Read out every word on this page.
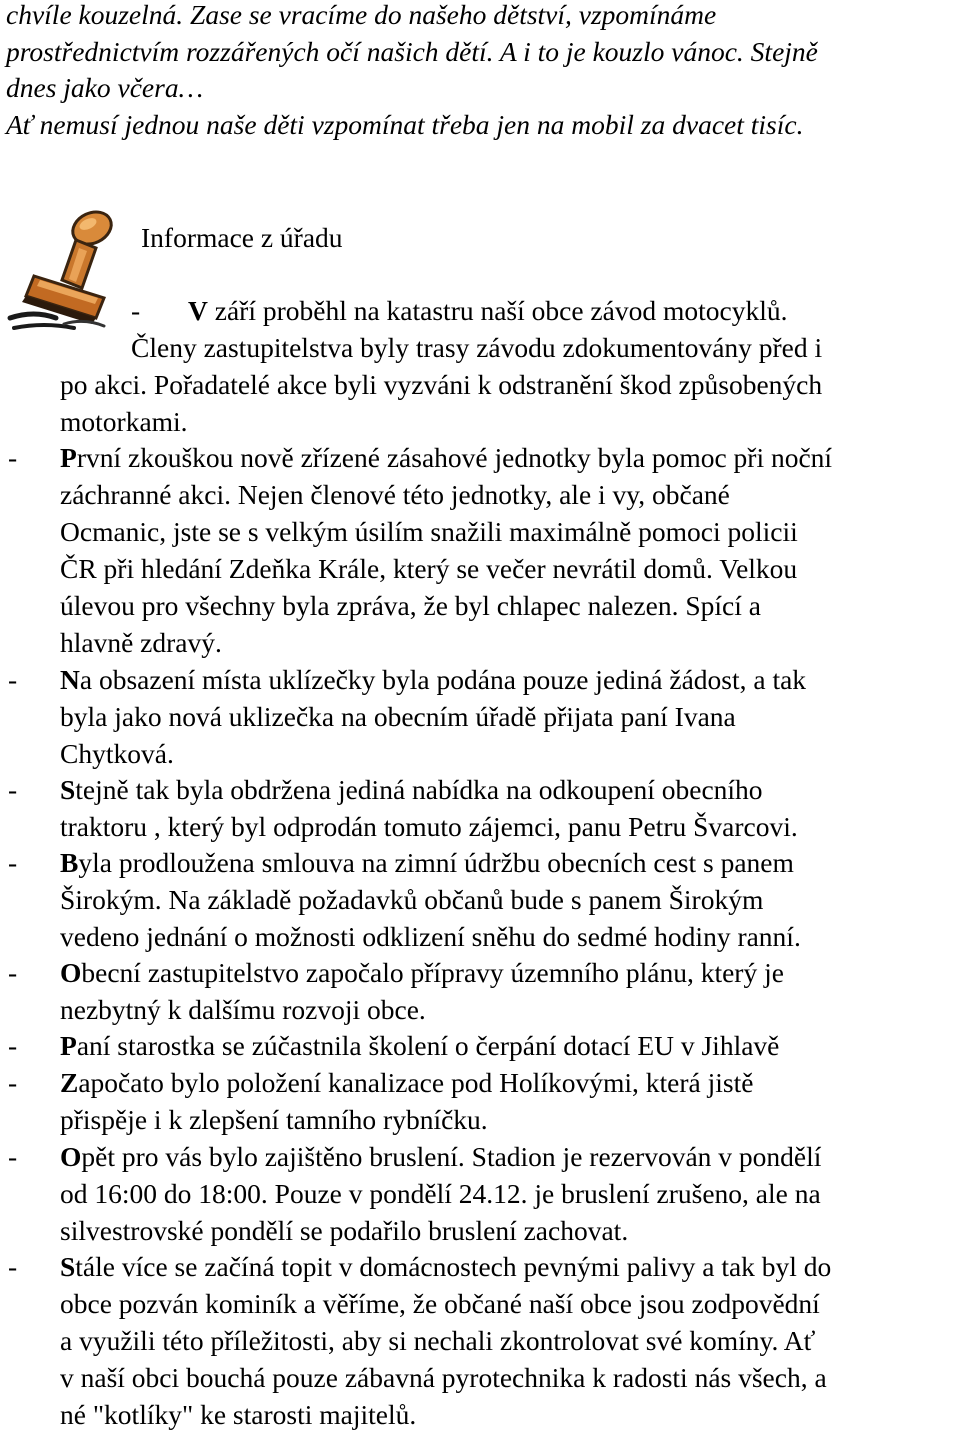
chvíle kouzelná. Zase se vracíme do našeho dětství, vzpomínáme
prostřednictvím rozzářených očí našich dětí. A i to je kouzlo vánoc. Stejně
dnes jako včera…
Ať nemusí jednou naše děti vzpomínat třeba jen na mobil za dvacet tisíc.
Informace z úřadu
- V září proběhl na katastru naší obce závod motocyklů.
Členy zastupitelstva byly trasy závodu zdokumentovány před i
po akci. Pořadatelé akce byli vyzváni k odstranění škod způsobených
motorkami.
- První zkouškou nově zřízené zásahové jednotky byla pomoc při noční
záchranné akci. Nejen členové této jednotky, ale i vy, občané
Ocmanic, jste se s velkým úsilím snažili maximálně pomoci policii
ČR při hledání Zdeňka Krále, který se večer nevrátil domů. Velkou
úlevou pro všechny byla zpráva, že byl chlapec nalezen. Spící a
hlavně zdravý.
- Na obsazení místa uklízečky byla podána pouze jediná žádost, a tak
byla jako nová uklizečka na obecním úřadě přijata paní Ivana
Chytková.
- Stejně tak byla obdržena jediná nabídka na odkoupení obecního
traktoru , který byl odprodán tomuto zájemci, panu Petru Švarcovi.
- Byla prodloužena smlouva na zimní údržbu obecních cest s panem
Širokým. Na základě požadavků občanů bude s panem Širokým
vedeno jednání o možnosti odklizení sněhu do sedmé hodiny ranní.
- Obecní zastupitelstvo započalo přípravy územního plánu, který je
nezbytný k dalšímu rozvoji obce.
- Paní starostka se zúčastnila školení o čerpání dotací EU v Jihlavě
- Započato bylo položení kanalizace pod Holíkovými, která jistě
přispěje i k zlepšení tamního rybníčku.
- Opět pro vás bylo zajištěno bruslení. Stadion je rezervován v pondělí
od 16:00 do 18:00. Pouze v pondělí 24.12. je bruslení zrušeno, ale na
silvestrovské pondělí se podařilo bruslení zachovat.
- Stále více se začíná topit v domácnostech pevnými palivy a tak byl do
obce pozván kominík a věříme, že občané naší obce jsou zodpovědní
a využili této příležitosti, aby si nechali zkontrolovat své komíny. Ať
v naší obci bouchá pouze zábavná pyrotechnika k radosti nás všech, a
né "kotlíky" ke starosti majitelů.
